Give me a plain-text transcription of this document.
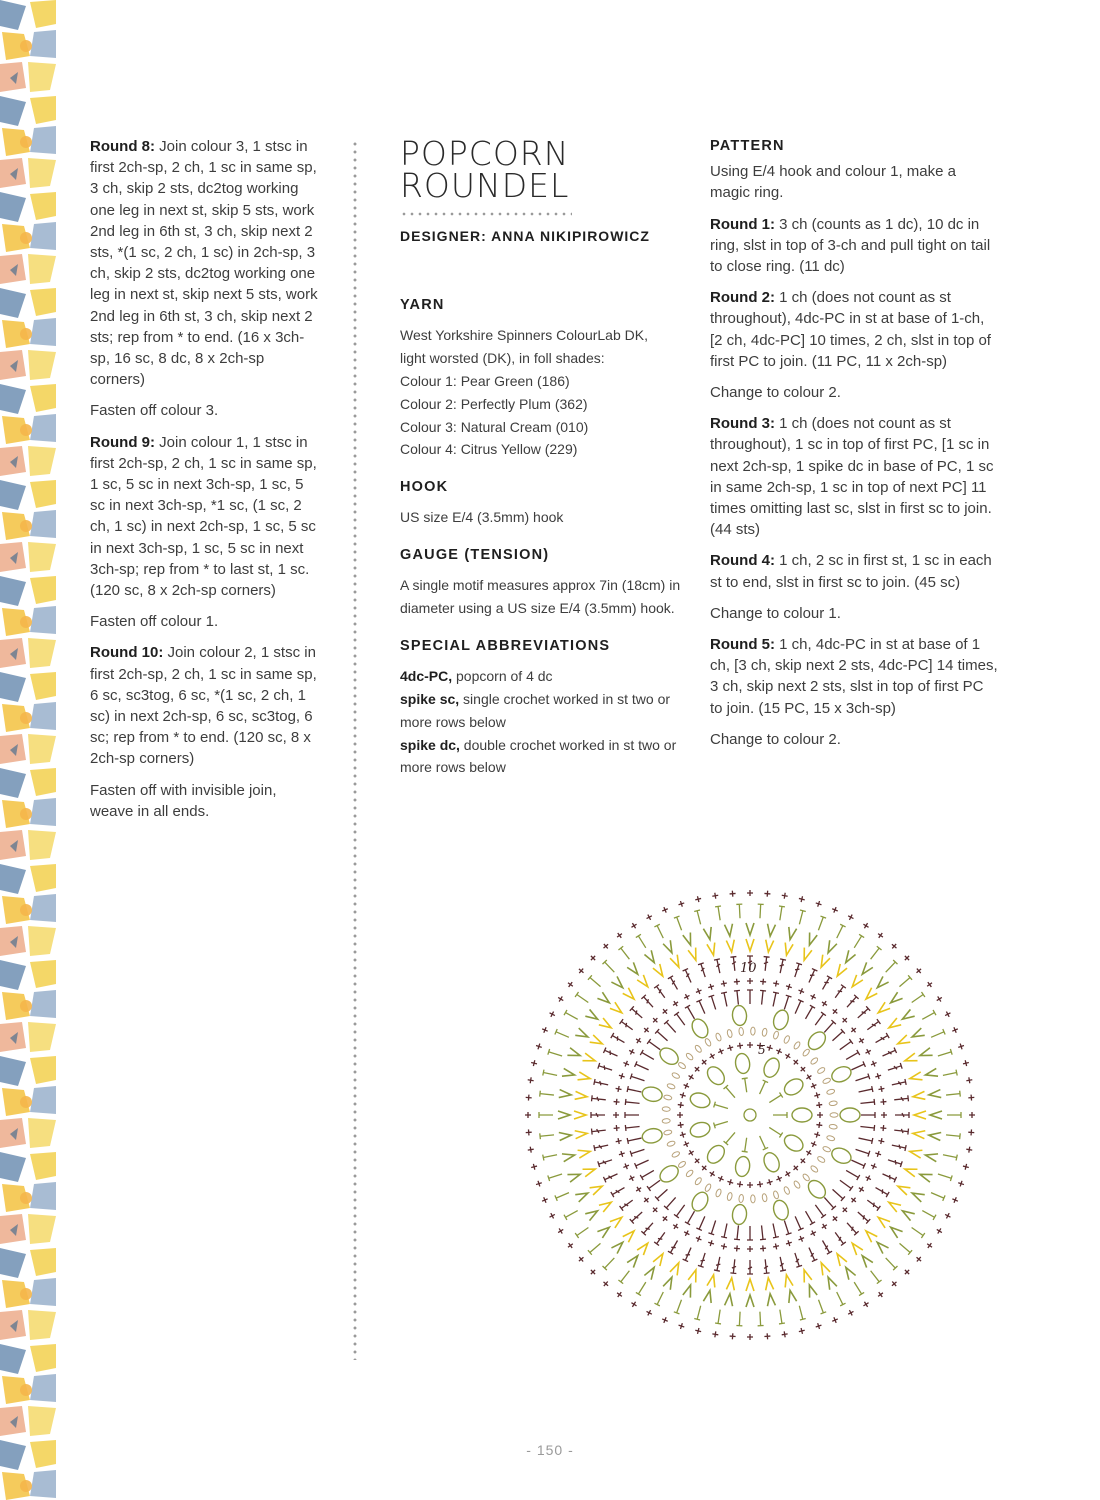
Round 8: Join colour 3, 1 stsc in first 2ch-sp, 2 ch, 1 sc in same sp, 3 ch, skip 2 sts, dc2tog working one leg in next st, skip 5 sts, work 2nd leg in 6th st, 3 ch, skip next 2 sts, *(1 sc, 2 ch, 1 sc) in 2ch-sp, 3 ch, skip 2 sts, dc2tog working one leg in next st, skip next 5 sts, work 2nd leg in 6th st, 3 ch, skip next 2 sts; rep from * to end. (16 x 3ch-sp, 16 sc, 8 dc, 8 x 2ch-sp corners)

Fasten off colour 3.

Round 9: Join colour 1, 1 stsc in first 2ch-sp, 2 ch, 1 sc in same sp, 1 sc, 5 sc in next 3ch-sp, 1 sc, 5 sc in next 3ch-sp, *1 sc, (1 sc, 2 ch, 1 sc) in next 2ch-sp, 1 sc, 5 sc in next 3ch-sp, 1 sc, 5 sc in next 3ch-sp; rep from * to last st, 1 sc. (120 sc, 8 x 2ch-sp corners)

Fasten off colour 1.

Round 10: Join colour 2, 1 stsc in first 2ch-sp, 2 ch, 1 sc in same sp, 6 sc, sc3tog, 6 sc, *(1 sc, 2 ch, 1 sc) in next 2ch-sp, 6 sc, sc3tog, 6 sc; rep from * to end. (120 sc, 8 x 2ch-sp corners)

Fasten off with invisible join, weave in all ends.

POPCORN
ROUNDEL
DESIGNER: ANNA NIKIPIROWICZ
YARN
West Yorkshire Spinners ColourLab DK,
light worsted (DK), in foll shades:
Colour 1: Pear Green (186)
Colour 2: Perfectly Plum (362)
Colour 3: Natural Cream (010)
Colour 4: Citrus Yellow (229)
HOOK
US size E/4 (3.5mm) hook
GAUGE (TENSION)
A single motif measures approx 7in (18cm) in diameter using a US size E/4 (3.5mm) hook.
SPECIAL ABBREVIATIONS
4dc-PC, popcorn of 4 dc
spike sc, single crochet worked in st two or more rows below
spike dc, double crochet worked in st two or more rows below
PATTERN

Using E/4 hook and colour 1, make a magic ring.

Round 1: 3 ch (counts as 1 dc), 10 dc in ring, slst in top of 3-ch and pull tight on tail to close ring. (11 dc)

Round 2: 1 ch (does not count as st throughout), 4dc-PC in st at base of 1-ch, [2 ch, 4dc-PC] 10 times, 2 ch, slst in top of first PC to join. (11 PC, 11 x 2ch-sp)

Change to colour 2.

Round 3: 1 ch (does not count as st throughout), 1 sc in top of first PC, [1 sc in next 2ch-sp, 1 spike dc in base of PC, 1 sc in same 2ch-sp, 1 sc in top of next PC] 11 times omitting last sc, slst in first sc to join. (44 sts)

Round 4: 1 ch, 2 sc in first st, 1 sc in each st to end, slst in first sc to join. (45 sc)

Change to colour 1.

Round 5: 1 ch, 4dc-PC in st at base of 1 ch, [3 ch, skip next 2 sts, 4dc-PC] 14 times, 3 ch, skip next 2 sts, slst in top of first PC to join. (15 PC, 15 x 3ch-sp)

Change to colour 2.

10
5
- 150 -
